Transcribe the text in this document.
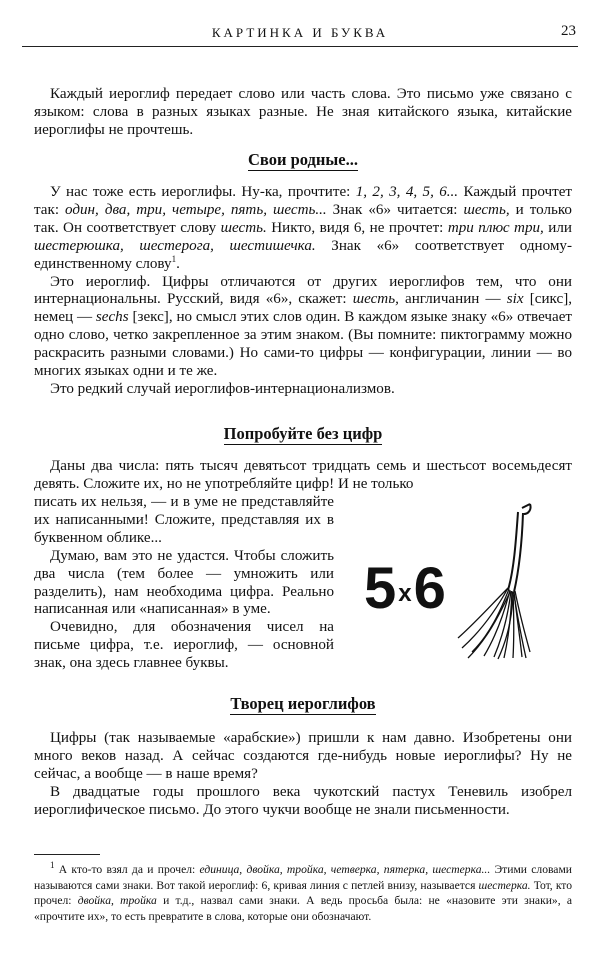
КАРТИНКА И БУКВА	23

Каждый иероглиф передает слово или часть слова. Это письмо уже связано с языком: слова в разных языках разные. Не зная китайского языка, китайские иероглифы не прочтешь.

Свои родные...

У нас тоже есть иероглифы. Ну-ка, прочтите: 1, 2, 3, 4, 5, 6... Каждый прочтет так: один, два, три, четыре, пять, шесть... Знак «6» читается: шесть, и только так. Он соответствует слову шесть. Никто, видя 6, не прочтет: три плюс три, или шестерюшка, шестерога, шестишечка. Знак «6» соответствует одному-единственному слову$^1$.

Это иероглиф. Цифры отличаются от других иероглифов тем, что они интернациональны. Русский, видя «6», скажет: шесть, англичанин — six [сикс], немец — sechs [зекс], но смысл этих слов один. В каждом языке знаку «6» отвечает одно слово, четко закрепленное за этим знаком. (Вы помните: пиктограмму можно раскрасить разными словами.) Но сами-то цифры — конфигурации, линии — во многих языках одни и те же.

Это редкий случай иероглифов-интернационализмов.

Попробуйте без цифр

Даны два числа: пять тысяч девятьсот тридцать семь и шестьсот восемьдесят девять. Сложите их, но не употребляйте цифр! И не только

писать их нельзя, — и в уме не представляйте их написанными! Сложите, представляя их в буквенном облике...

Думаю, вам это не удастся. Чтобы сложить два числа (тем более — умножить или разделить), нам необходима цифра. Реально написанная или «написанная» в уме.

Очевидно, для обозначения чисел на письме цифра, т.е. иероглиф, — основной знак, она здесь главнее буквы.

5x6
Творец иероглифов

Цифры (так называемые «арабские») пришли к нам давно. Изобретены они много веков назад. А сейчас создаются где-нибудь новые иероглифы? Ну не сейчас, а вообще — в наше время?

В двадцатые годы прошлого века чукотский пастух Теневиль изобрел иероглифическое письмо. До этого чукчи вообще не знали письменности.

$^1$ А кто-то взял да и прочел: единица, двойка, тройка, четверка, пятерка, шестерка... Этими словами называются сами знаки. Вот такой иероглиф: 6, кривая линия с петлей внизу, называется шестерка. Тот, кто прочел: двойка, тройка и т.д., назвал сами знаки. А ведь просьба была: не «назовите эти знаки», а «прочтите их», то есть превратите в слова, которые они обозначают.
